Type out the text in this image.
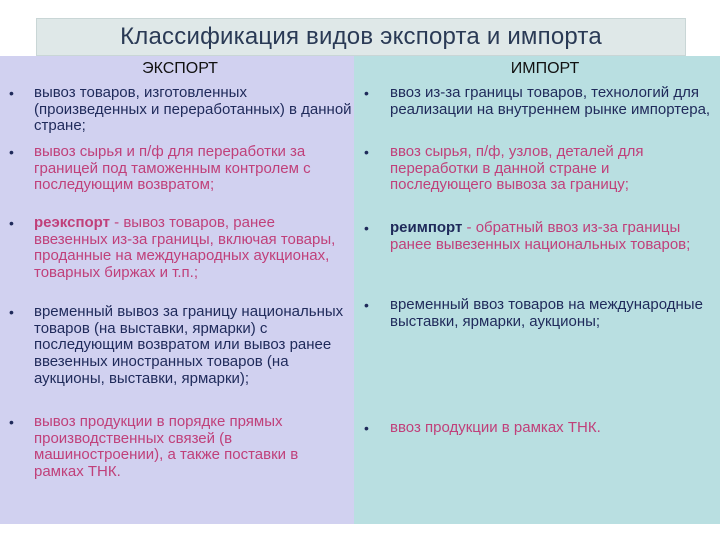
Классификация видов экспорта и импорта
ЭКСПОРТ
• вывоз товаров, изготовленных (произведенных и переработанных) в данной стране;
• вывоз сырья и п/ф для переработки за границей под таможенным контролем с последующим возвратом;
• реэкспорт - вывоз товаров, ранее ввезенных из-за границы, включая товары, проданные на международных аукционах, товарных биржах и т.п.;
• временный вывоз за границу национальных товаров (на выставки, ярмарки) с последующим возвратом или вывоз ранее ввезенных иностранных товаров (на аукционы, выставки, ярмарки);
• вывоз продукции в порядке прямых производственных связей (в машиностроении), а также поставки в рамках ТНК.
ИМПОРТ
• ввоз из-за границы товаров, технологий для реализации на внутреннем рынке импортера,
• ввоз сырья, п/ф, узлов, деталей для переработки в данной стране и последующего вывоза за границу;
• реимпорт - обратный ввоз из-за границы ранее вывезенных национальных товаров;
• временный ввоз товаров на международные выставки, ярмарки, аукционы;
• ввоз продукции в рамках ТНК.
